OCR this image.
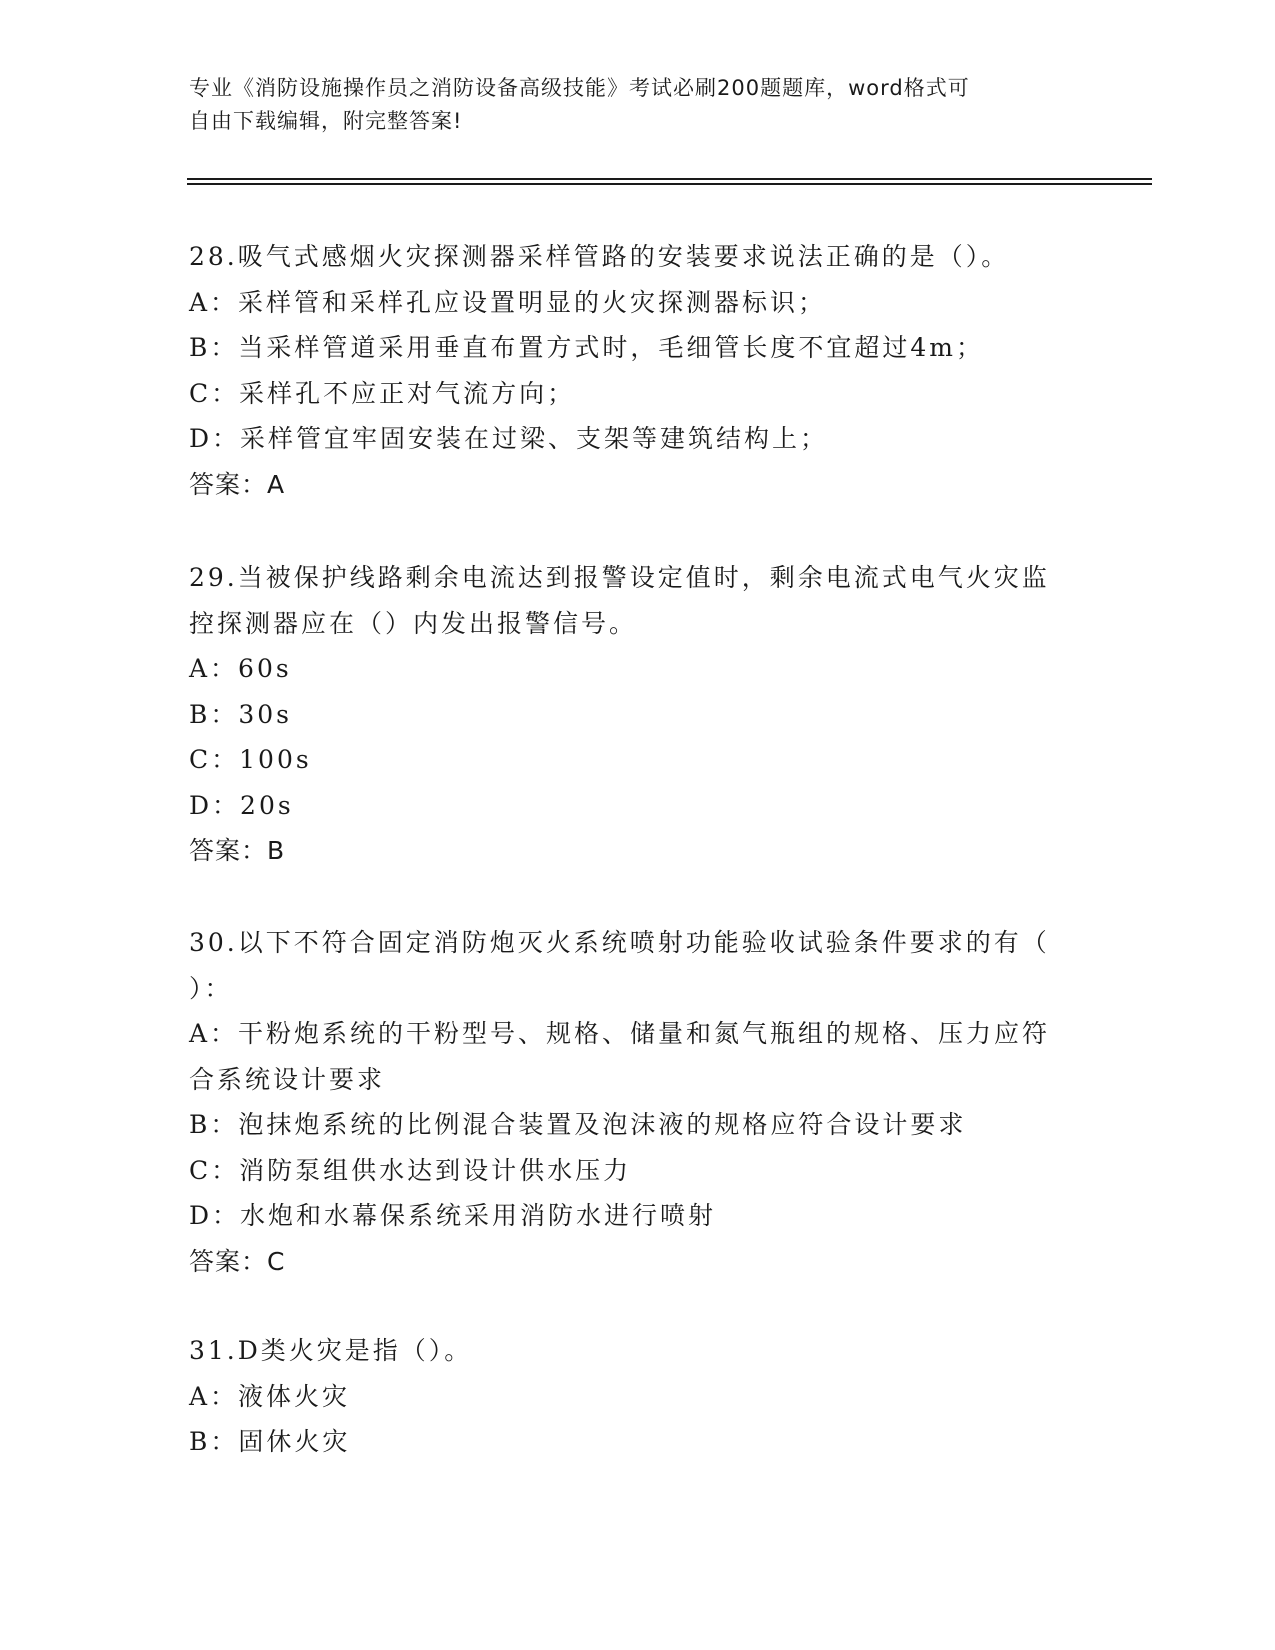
专业《消防设施操作员之消防设备高级技能》考试必刷200题题库，word格式可
自由下载编辑，附完整答案!
28.吸气式感烟火灾探测器采样管路的安装要求说法正确的是（）。
A：采样管和采样孔应设置明显的火灾探测器标识；
B：当采样管道采用垂直布置方式时，毛细管长度不宜超过4m；
C：采样孔不应正对气流方向；
D：采样管宜牢固安装在过梁、支架等建筑结构上；
答案：A
29.当被保护线路剩余电流达到报警设定值时，剩余电流式电气火灾监
控探测器应在（）内发出报警信号。
A：60s
B：30s
C：100s
D：20s
答案：B
30.以下不符合固定消防炮灭火系统喷射功能验收试验条件要求的有（
）：
A：干粉炮系统的干粉型号、规格、储量和氮气瓶组的规格、压力应符
合系统设计要求
B：泡抹炮系统的比例混合装置及泡沫液的规格应符合设计要求
C：消防泵组供水达到设计供水压力
D：水炮和水幕保系统采用消防水进行喷射
答案：C
31.D类火灾是指（）。
A：液体火灾
B：固休火灾
